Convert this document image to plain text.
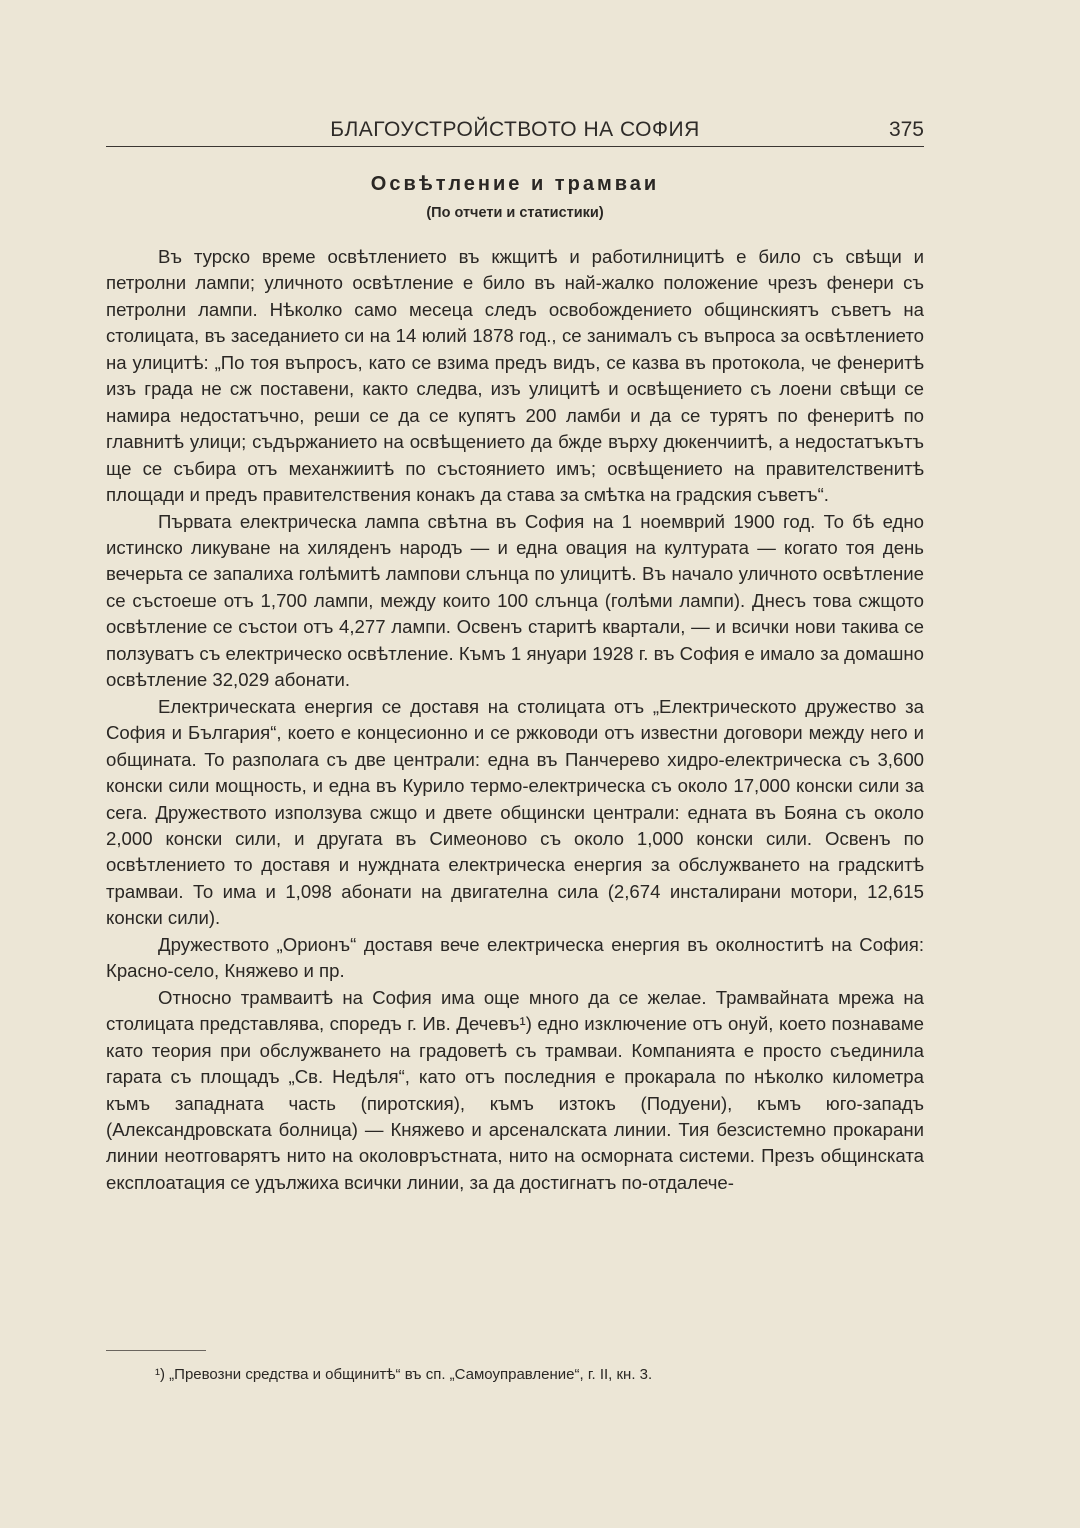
БЛАГОУСТРОЙСТВОТО НА СОФИЯ	375
Освѣтление и трамваи
(По отчети и статистики)

Въ турско време освѣтлението въ кжщитѣ и работилницитѣ е било съ свѣщи и петролни лампи; уличното освѣтление е било въ най-жалко положение чрезъ фенери съ петролни лампи. Нѣколко само месеца следъ освобождението общинскиятъ съветъ на столицата, въ заседанието си на 14 юлий 1878 год., се занималъ съ въпроса за освѣтлението на улицитѣ: „По тоя въпросъ, като се взима предъ видъ, се казва въ протокола, че фенеритѣ изъ града не сж поставени, както следва, изъ улицитѣ и освѣщението съ лоени свѣщи се намира недостатъчно, реши се да се купятъ 200 ламби и да се турятъ по фенеритѣ по главнитѣ улици; съдържанието на освѣщението да бжде върху дюкенчиитѣ, а недостатъкътъ ще се събира отъ механжиитѣ по състоянието имъ; освѣщението на правителственитѣ площади и предъ правителствения конакъ да става за смѣтка на градския съветъ“.

Първата електрическа лампа свѣтна въ София на 1 ноемврий 1900 год. То бѣ едно истинско ликуване на хиляденъ народъ — и една овация на културата — когато тоя день вечерьта се запалиха голѣмитѣ лампови слънца по улицитѣ. Въ начало уличното освѣтление се състоеше отъ 1,700 лампи, между които 100 слънца (голѣми лампи). Днесъ това сжщото освѣтление се състои отъ 4,277 лампи. Освенъ старитѣ квартали, — и всички нови такива се ползуватъ съ електрическо освѣтление. Къмъ 1 януари 1928 г. въ София е имало за домашно освѣтление 32,029 абонати.

Електрическата енергия се доставя на столицата отъ „Електрическото дружество за София и България“, което е концесионно и се ржководи отъ известни договори между него и общината. То разполага съ две централи: една въ Панчерево хидро-електрическа съ 3,600 конски сили мощность, и една въ Курило термо-електрическа съ около 17,000 конски сили за сега. Дружеството използува сжщо и двете общински централи: едната въ Бояна съ около 2,000 конски сили, и другата въ Симеоново съ около 1,000 конски сили. Освенъ по освѣтлението то доставя и нуждната електрическа енергия за обслужването на градскитѣ трамваи. То има и 1,098 абонати на двигателна сила (2,674 инсталирани мотори, 12,615 конски сили).

Дружеството „Орионъ“ доставя вече електрическа енергия въ околноститѣ на София: Красно-село, Княжево и пр.

Относно трамваитѣ на София има още много да се желае. Трамвайната мрежа на столицата представлява, споредъ г. Ив. Дечевъ¹) едно изключение отъ онуй, което познаваме като теория при обслужването на градоветѣ съ трамваи. Компанията е просто съединила гарата съ площадъ „Св. Недѣля“, като отъ последния е прокарала по нѣколко километра къмъ западната часть (пиротския), къмъ изтокъ (Подуени), къмъ юго-западъ (Александровската болница) — Княжево и арсеналската линии. Тия безсистемно прокарани линии неотговарятъ нито на околовръстната, нито на осморната системи. Презъ общинската експлоатация се удължиха всички линии, за да достигнатъ по-отдалече-

¹) „Превозни средства и общинитѣ“ въ сп. „Самоуправление“, г. II, кн. 3.
